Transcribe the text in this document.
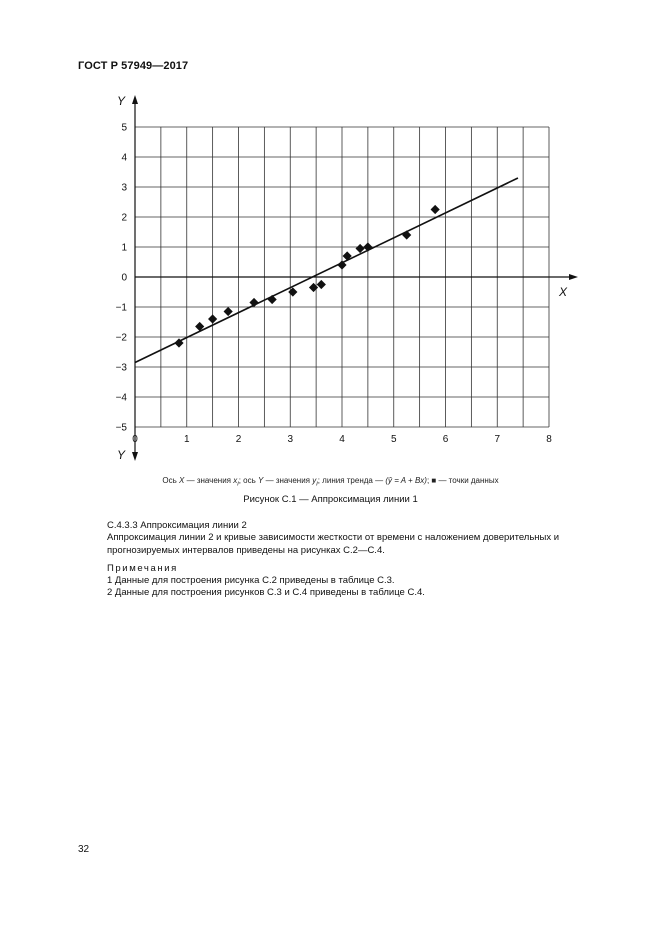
ГОСТ Р 57949—2017
0	1	2	3	4	5	6	7	8
5
4
3
2
1
0
−1
−2
−3
−4
−5
X
Y
Y
Ось X — значения $x_i$; ось Y — значения $y_i$; линия тренда — (ŷ = A + Bx); ■ — точки данных
Рисунок С.1 — Аппроксимация линии 1
С.4.3.3 Аппроксимация линии 2
Аппроксимация линии 2 и кривые зависимости жесткости от времени с наложением доверительных и прогнозируемых интервалов приведены на рисунках С.2—С.4.
Примечания
1 Данные для построения рисунка С.2 приведены в таблице С.3.
2 Данные для построения рисунков С.3 и С.4 приведены в таблице С.4.
32
